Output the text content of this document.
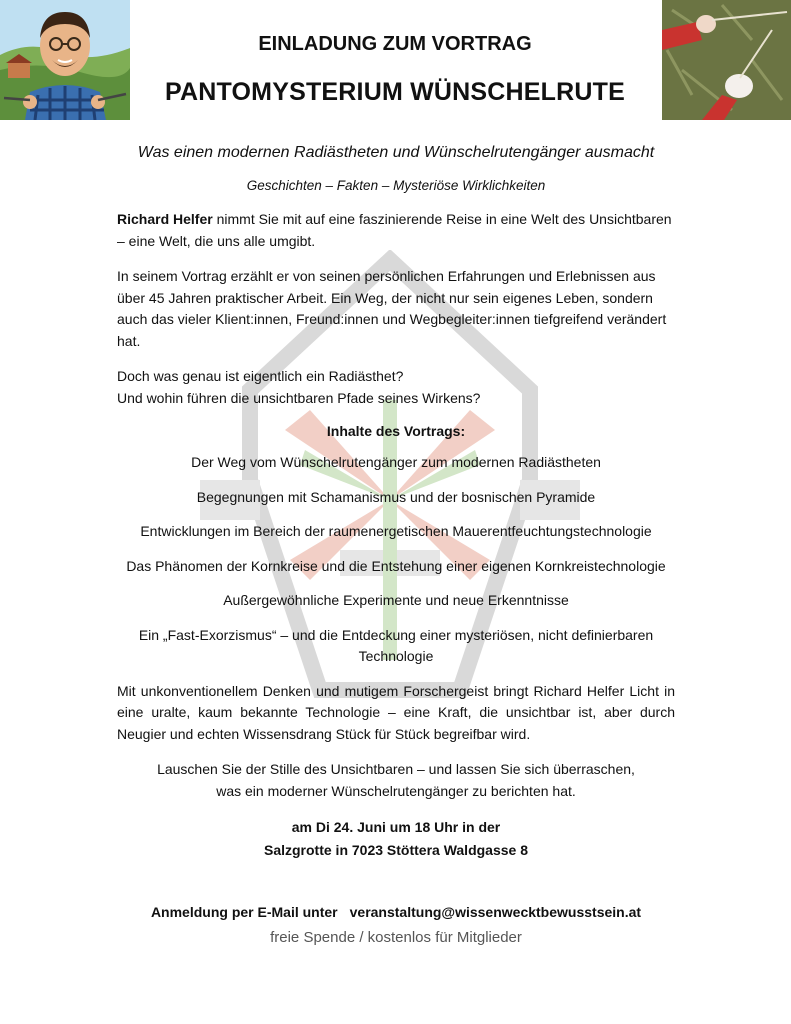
EINLADUNG ZUM VORTRAG
PANTOMYSTERIUM WÜNSCHELRUTE
Was einen modernen Radiästheten und Wünschelrutengänger ausmacht
Geschichten – Fakten – Mysteriöse Wirklichkeiten

Richard Helfer nimmt Sie mit auf eine faszinierende Reise in eine Welt des Unsichtbaren – eine Welt, die uns alle umgibt.

In seinem Vortrag erzählt er von seinen persönlichen Erfahrungen und Erlebnissen aus über 45 Jahren praktischer Arbeit. Ein Weg, der nicht nur sein eigenes Leben, sondern auch das vieler Klient:innen, Freund:innen und Wegbegleiter:innen tiefgreifend verändert hat.

Doch was genau ist eigentlich ein Radiästhet?
Und wohin führen die unsichtbaren Pfade seines Wirkens?

Inhalte des Vortrags:
Der Weg vom Wünschelrutengänger zum modernen Radiästheten
Begegnungen mit Schamanismus und der bosnischen Pyramide
Entwicklungen im Bereich der raumenergetischen Mauerentfeuchtungstechnologie
Das Phänomen der Kornkreise und die Entstehung einer eigenen Kornkreistechnologie
Außergewöhnliche Experimente und neue Erkenntnisse
Ein „Fast-Exorzismus“ – und die Entdeckung einer mysteriösen, nicht definierbaren Technologie

Mit unkonventionellem Denken und mutigem Forschergeist bringt Richard Helfer Licht in eine uralte, kaum bekannte Technologie – eine Kraft, die unsichtbar ist, aber durch Neugier und echten Wissensdrang Stück für Stück begreifbar wird.

Lauschen Sie der Stille des Unsichtbaren – und lassen Sie sich überraschen,
was ein moderner Wünschelrutengänger zu berichten hat.

am Di 24. Juni um 18 Uhr in der
Salzgrotte in 7023 Stöttera Waldgasse 8
Anmeldung per E-Mail unter veranstaltung@wissenwecktbewusstsein.at
freie Spende / kostenlos für Mitglieder
